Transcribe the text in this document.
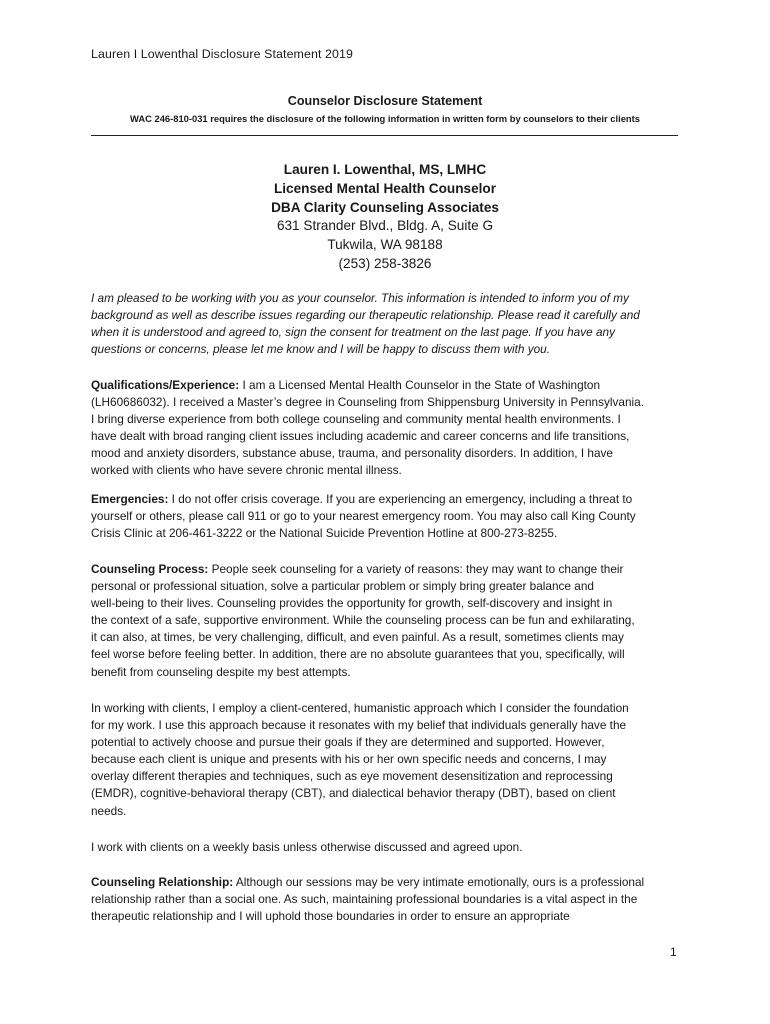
Lauren I Lowenthal Disclosure Statement 2019
Counselor Disclosure Statement
WAC 246-810-031 requires the disclosure of the following information in written form by counselors to their clients
Lauren I. Lowenthal, MS, LMHC
Licensed Mental Health Counselor
DBA Clarity Counseling Associates
631 Strander Blvd., Bldg. A, Suite G
Tukwila, WA 98188
(253) 258-3826
I am pleased to be working with you as your counselor. This information is intended to inform you of my
background as well as describe issues regarding our therapeutic relationship. Please read it carefully and
when it is understood and agreed to, sign the consent for treatment on the last page. If you have any
questions or concerns, please let me know and I will be happy to discuss them with you.
Qualifications/Experience: I am a Licensed Mental Health Counselor in the State of Washington
(LH60686032). I received a Master’s degree in Counseling from Shippensburg University in Pennsylvania.
I bring diverse experience from both college counseling and community mental health environments. I
have dealt with broad ranging client issues including academic and career concerns and life transitions,
mood and anxiety disorders, substance abuse, trauma, and personality disorders. In addition, I have
worked with clients who have severe chronic mental illness.
Emergencies: I do not offer crisis coverage. If you are experiencing an emergency, including a threat to
yourself or others, please call 911 or go to your nearest emergency room. You may also call King County
Crisis Clinic at 206-461-3222 or the National Suicide Prevention Hotline at 800-273-8255.
Counseling Process: People seek counseling for a variety of reasons: they may want to change their
personal or professional situation, solve a particular problem or simply bring greater balance and
well-being to their lives. Counseling provides the opportunity for growth, self-discovery and insight in
the context of a safe, supportive environment. While the counseling process can be fun and exhilarating,
it can also, at times, be very challenging, difficult, and even painful. As a result, sometimes clients may
feel worse before feeling better. In addition, there are no absolute guarantees that you, specifically, will
benefit from counseling despite my best attempts.
In working with clients, I employ a client-centered, humanistic approach which I consider the foundation
for my work. I use this approach because it resonates with my belief that individuals generally have the
potential to actively choose and pursue their goals if they are determined and supported. However,
because each client is unique and presents with his or her own specific needs and concerns, I may
overlay different therapies and techniques, such as eye movement desensitization and reprocessing
(EMDR), cognitive-behavioral therapy (CBT), and dialectical behavior therapy (DBT), based on client
needs.
I work with clients on a weekly basis unless otherwise discussed and agreed upon.
Counseling Relationship: Although our sessions may be very intimate emotionally, ours is a professional
relationship rather than a social one. As such, maintaining professional boundaries is a vital aspect in the
therapeutic relationship and I will uphold those boundaries in order to ensure an appropriate
1
